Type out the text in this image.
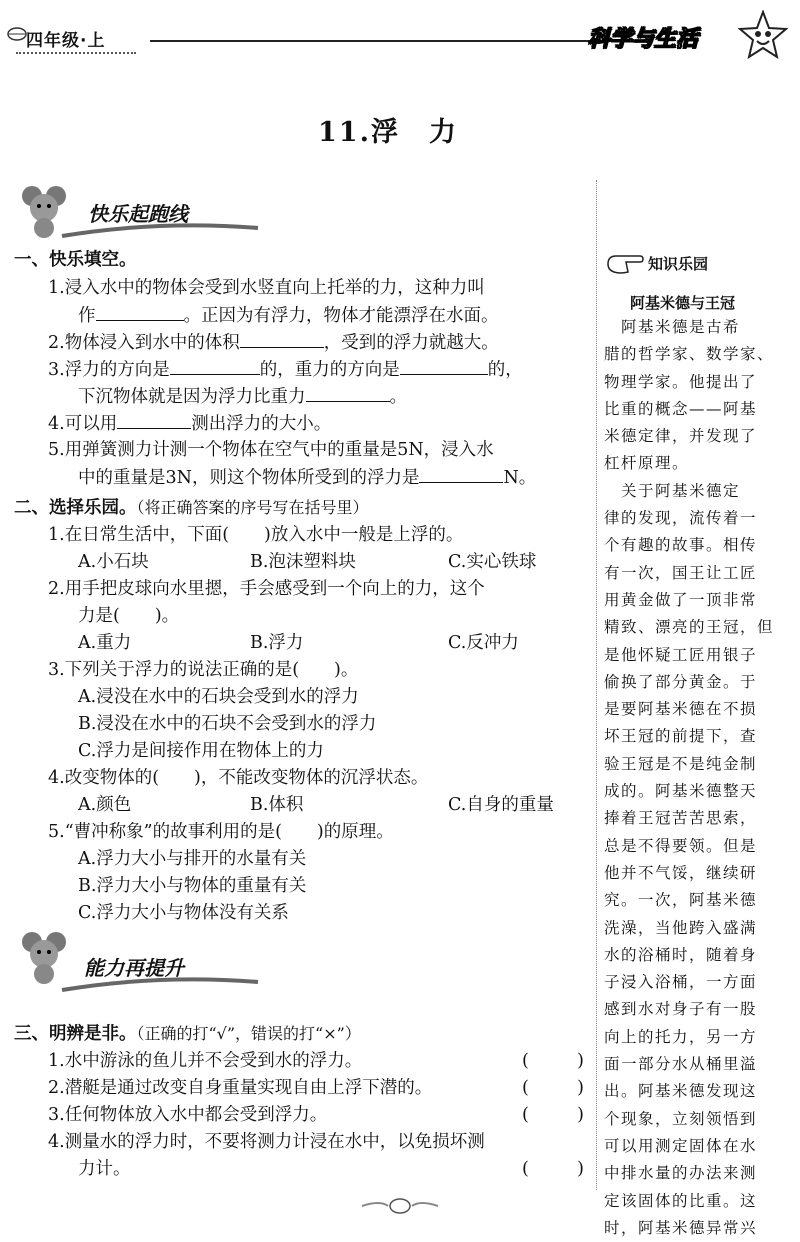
四年级·上	科学与生活
11.浮　力
快乐起跑线
一、快乐填空。
1.浸入水中的物体会受到水竖直向上托举的力，这种力叫
作	。正因为有浮力，物体才能漂浮在水面。
2.物体浸入到水中的体积	，受到的浮力就越大。
3.浮力的方向是	的，重力的方向是	的，
下沉物体就是因为浮力比重力	。
4.可以用	测出浮力的大小。
5.用弹簧测力计测一个物体在空气中的重量是5N，浸入水
中的重量是3N，则这个物体所受到的浮力是	N。
二、选择乐园。（将正确答案的序号写在括号里）
1.在日常生活中，下面(　　)放入水中一般是上浮的。
A.小石块	B.泡沫塑料块	C.实心铁球
2.用手把皮球向水里摁，手会感受到一个向上的力，这个
力是(　　)。
A.重力	B.浮力	C.反冲力
3.下列关于浮力的说法正确的是(　　)。
A.浸没在水中的石块会受到水的浮力
B.浸没在水中的石块不会受到水的浮力
C.浮力是间接作用在物体上的力
4.改变物体的(　　)，不能改变物体的沉浮状态。
A.颜色	B.体积	C.自身的重量
5.“曹冲称象”的故事利用的是(　　)的原理。
A.浮力大小与排开的水量有关
B.浮力大小与物体的重量有关
C.浮力大小与物体没有关系
能力再提升
三、明辨是非。（正确的打“√”，错误的打“×”）
1.水中游泳的鱼儿并不会受到水的浮力。	(	)
2.潜艇是通过改变自身重量实现自由上浮下潜的。	(	)
3.任何物体放入水中都会受到浮力。	(	)
4.测量水的浮力时，不要将测力计浸在水中，以免损坏测
力计。	(	)
知识乐园
阿基米德与王冠
　阿基米德是古希
腊的哲学家、数学家、
物理学家。他提出了
比重的概念——阿基
米德定律，并发现了
杠杆原理。
　关于阿基米德定
律的发现，流传着一
个有趣的故事。相传
有一次，国王让工匠
用黄金做了一顶非常
精致、漂亮的王冠，但
是他怀疑工匠用银子
偷换了部分黄金。于
是要阿基米德在不损
坏王冠的前提下，查
验王冠是不是纯金制
成的。阿基米德整天
捧着王冠苦苦思索，
总是不得要领。但是
他并不气馁，继续研
究。一次，阿基米德
洗澡，当他跨入盛满
水的浴桶时，随着身
子浸入浴桶，一方面
感到水对身子有一股
向上的托力，另一方
面一部分水从桶里溢
出。阿基米德发现这
个现象，立刻领悟到
可以用测定固体在水
中排水量的办法来测
定该固体的比重。这
时，阿基米德异常兴
